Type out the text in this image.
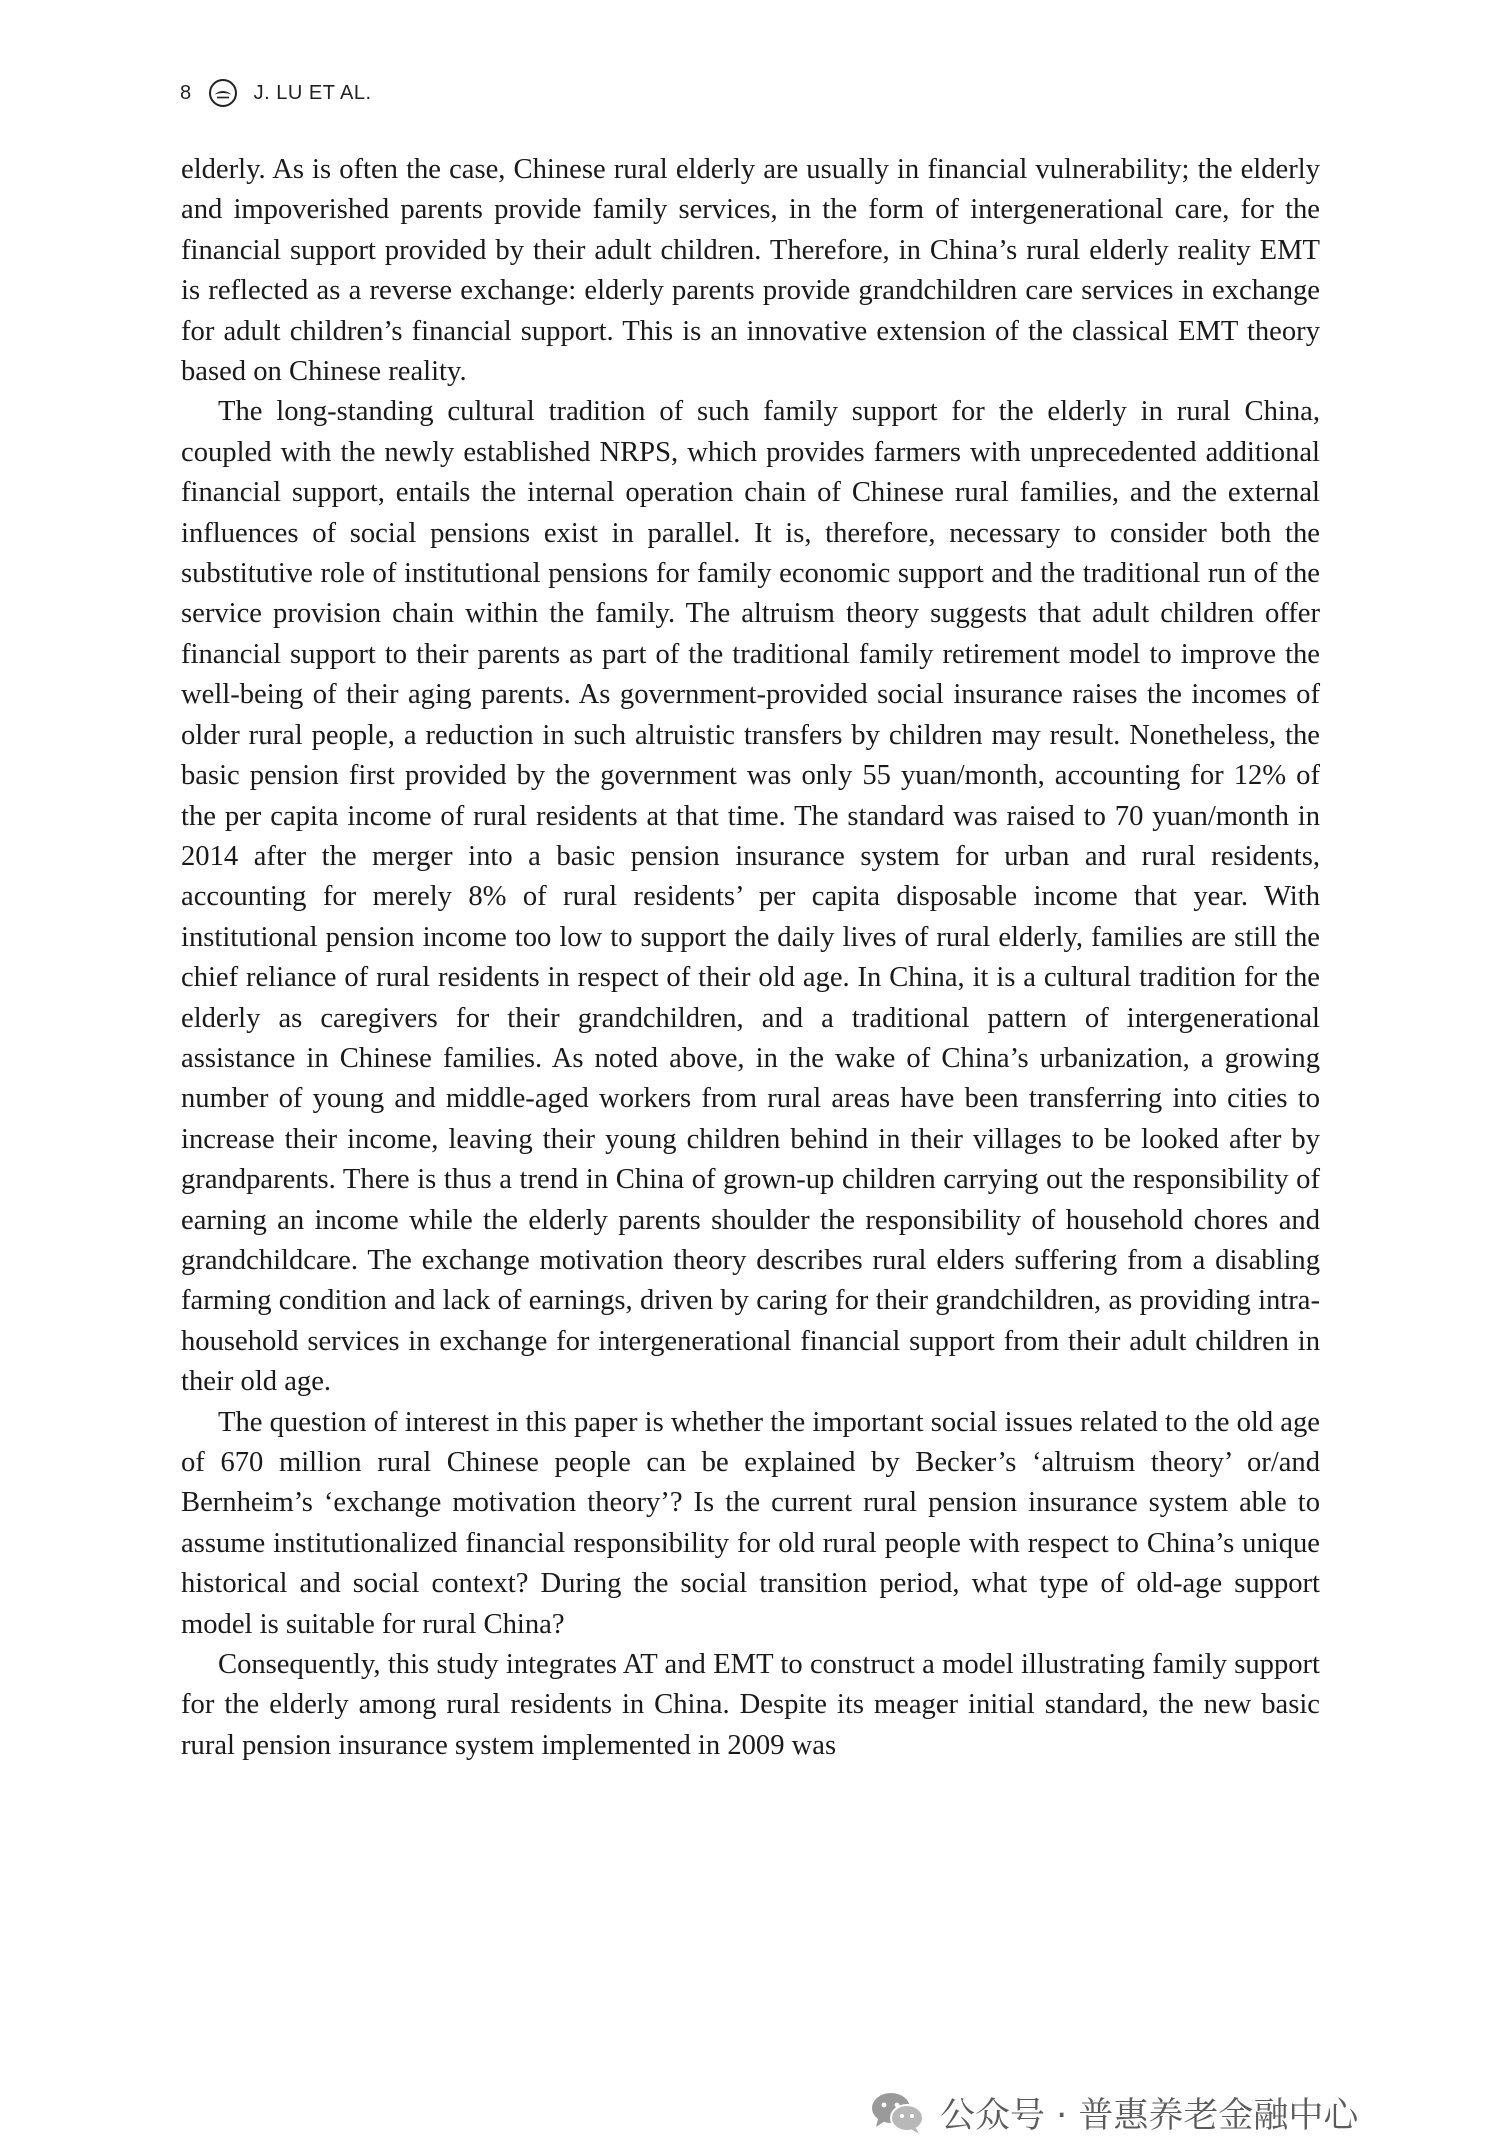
8	J. LU ET AL.

elderly. As is often the case, Chinese rural elderly are usually in financial vulnerability; the elderly and impoverished parents provide family services, in the form of intergenerational care, for the financial support provided by their adult children. Therefore, in China’s rural elderly reality EMT is reflected as a reverse exchange: elderly parents provide grandchildren care services in exchange for adult children’s financial support. This is an innovative extension of the classical EMT theory based on Chinese reality.

The long-standing cultural tradition of such family support for the elderly in rural China, coupled with the newly established NRPS, which provides farmers with unprecedented additional financial support, entails the internal operation chain of Chinese rural families, and the external influences of social pensions exist in parallel. It is, therefore, necessary to consider both the substitutive role of institutional pensions for family economic support and the traditional run of the service provision chain within the family. The altruism theory suggests that adult children offer financial support to their parents as part of the traditional family retirement model to improve the well-being of their aging parents. As government-provided social insurance raises the incomes of older rural people, a reduction in such altruistic transfers by children may result. Nonetheless, the basic pension first provided by the government was only 55 yuan/month, accounting for 12% of the per capita income of rural residents at that time. The standard was raised to 70 yuan/month in 2014 after the merger into a basic pension insurance system for urban and rural residents, accounting for merely 8% of rural residents’ per capita disposable income that year. With institutional pension income too low to support the daily lives of rural elderly, families are still the chief reliance of rural residents in respect of their old age. In China, it is a cultural tradition for the elderly as caregivers for their grandchildren, and a traditional pattern of intergenerational assistance in Chinese families. As noted above, in the wake of China’s urbanization, a growing number of young and middle-aged workers from rural areas have been transferring into cities to increase their income, leaving their young children behind in their villages to be looked after by grandparents. There is thus a trend in China of grown-up children carrying out the responsibility of earning an income while the elderly parents shoulder the responsibility of household chores and grandchildcare. The exchange motivation theory describes rural elders suffering from a disabling farming condition and lack of earnings, driven by caring for their grandchildren, as providing intra-household services in exchange for intergenerational financial support from their adult children in their old age.

The question of interest in this paper is whether the important social issues related to the old age of 670 million rural Chinese people can be explained by Becker’s ‘altruism theory’ or/and Bernheim’s ‘exchange motivation theory’? Is the current rural pension insurance system able to assume institutionalized financial responsibility for old rural people with respect to China’s unique historical and social context? During the social transition period, what type of old-age support model is suitable for rural China?

Consequently, this study integrates AT and EMT to construct a model illustrating family support for the elderly among rural residents in China. Despite its meager initial standard, the new basic rural pension insurance system implemented in 2009 was

公众号 · 普惠养老金融中心
